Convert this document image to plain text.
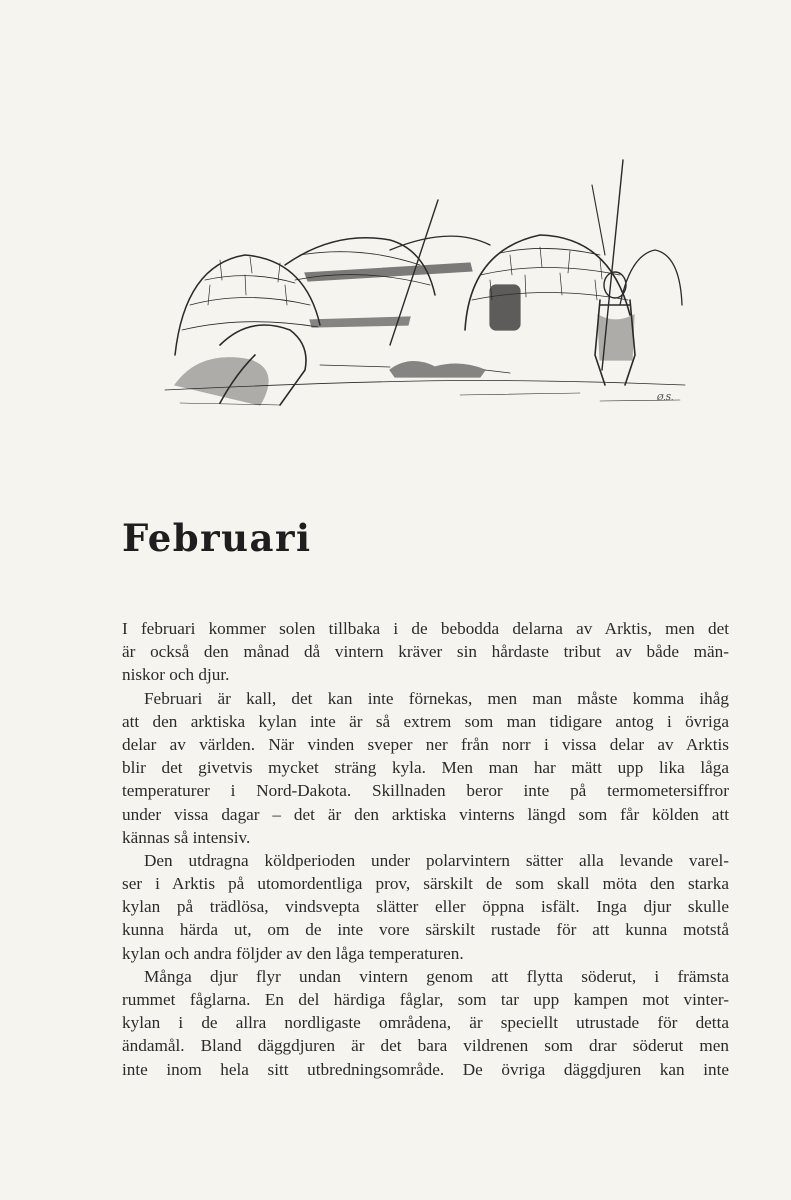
Ø.S.
Februari
I februari kommer solen tillbaka i de bebodda delarna av Arktis, men det
är också den månad då vintern kräver sin hårdaste tribut av både män-
niskor och djur.
Februari är kall, det kan inte förnekas, men man måste komma ihåg
att den arktiska kylan inte är så extrem som man tidigare antog i övriga
delar av världen. När vinden sveper ner från norr i vissa delar av Arktis
blir det givetvis mycket sträng kyla. Men man har mätt upp lika låga
temperaturer i Nord-Dakota. Skillnaden beror inte på termometersiffror
under vissa dagar – det är den arktiska vinterns längd som får kölden att
kännas så intensiv.
Den utdragna köldperioden under polarvintern sätter alla levande varel-
ser i Arktis på utomordentliga prov, särskilt de som skall möta den starka
kylan på trädlösa, vindsvepta slätter eller öppna isfält. Inga djur skulle
kunna härda ut, om de inte vore särskilt rustade för att kunna motstå
kylan och andra följder av den låga temperaturen.
Många djur flyr undan vintern genom att flytta söderut, i främsta
rummet fåglarna. En del härdiga fåglar, som tar upp kampen mot vinter-
kylan i de allra nordligaste områdena, är speciellt utrustade för detta
ändamål. Bland däggdjuren är det bara vildrenen som drar söderut men
inte inom hela sitt utbredningsområde. De övriga däggdjuren kan inte
